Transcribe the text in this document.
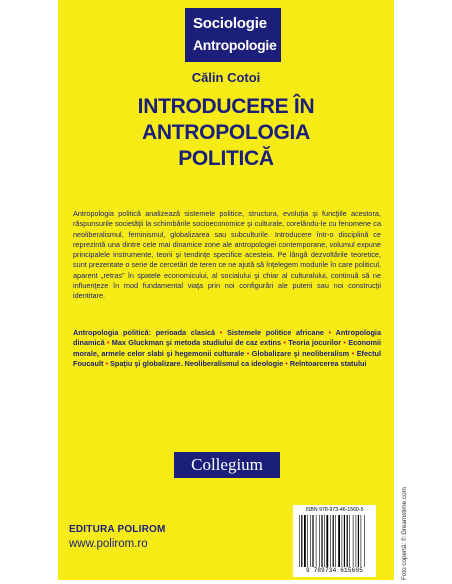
Sociologie
Antropologie
Călin Cotoi
INTRODUCERE ÎN
ANTROPOLOGIA
POLITICĂ
Antropologia politică analizează sistemele politice, structura, evoluţia şi funcţiile acestora, răspunsurile societăţii la schimbările socioeconomice şi culturale, corelându-le cu fenomene ca neoliberalismul, feminismul, globalizarea sau subculturile. Introducere într-o disciplină ce reprezintă una dintre cele mai dinamice zone ale antropologiei contemporane, volumul expune principalele instrumente, teorii şi tendinţe specifice acesteia. Pe lângă dezvoltările teoretice, sunt prezentate o serie de cercetări de teren ce ne ajută să înţelegem modurile în care politicul, aparent „retras” în spatele economicului, al socialului şi chiar al culturalului, continuă să ne influenţeze în mod fundamental viaţa prin noi configurări ale puterii sau noi construcţii identitare.
Antropologia politică: perioada clasică • Sistemele politice africane • Antropologia dinamică • Max Gluckman şi metoda studiului de caz extins • Teoria jocurilor • Economii morale, armele celor slabi şi hegemonii culturale • Globalizare şi neoliberalism • Efectul Foucault • Spaţiu şi globalizare. Neoliberalismul ca ideologie • Reîntoarcerea statului
Collegium
EDITURA POLIROM
www.polirom.ro
ISBN 978-973-46-1560-5
9 789734 615605	Foto copertă: © Dreamstime.com
